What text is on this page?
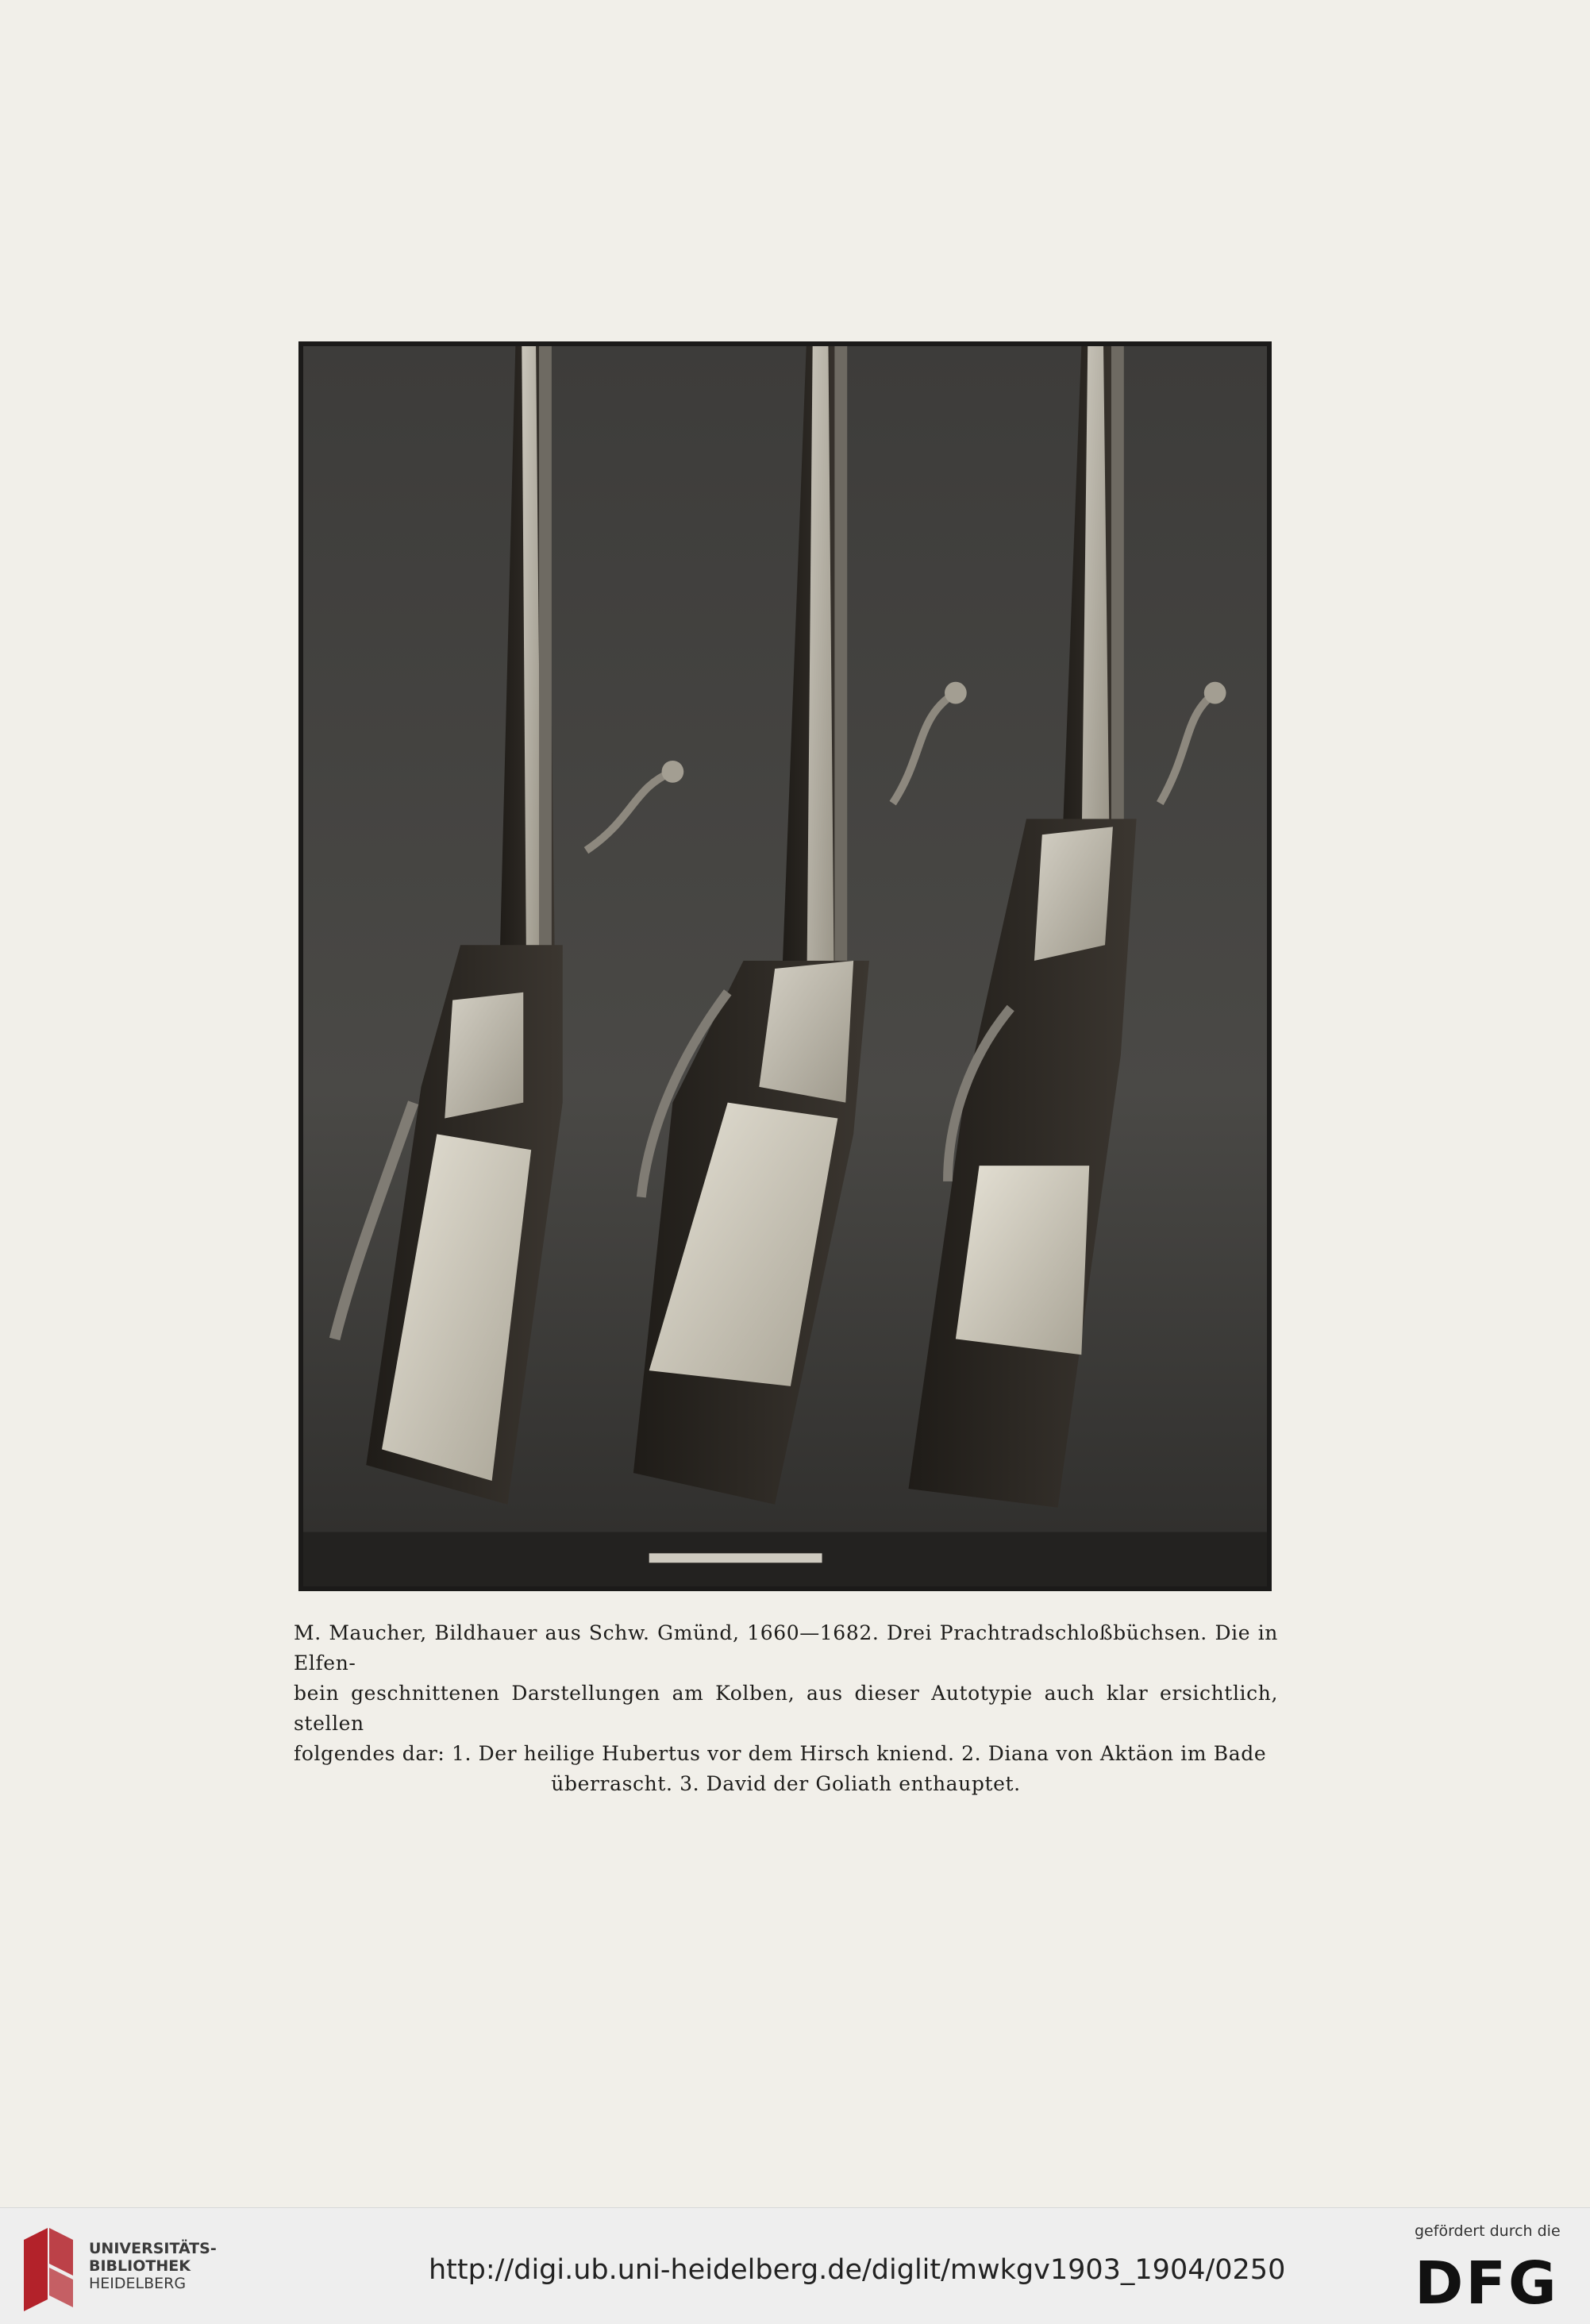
M. Maucher, Bildhauer aus Schw. Gmünd, 1660—1682. Drei Prachtradschloßbüchsen. Die in Elfen-

bein geschnittenen Darstellungen am Kolben, aus dieser Autotypie auch klar ersichtlich, stellen

folgendes dar: 1. Der heilige Hubertus vor dem Hirsch kniend. 2. Diana von Aktäon im Bade

überrascht. 3. David der Goliath enthauptet.

UNIVERSITÄTS-
BIBLIOTHEK
HEIDELBERG	http://digi.ub.uni-heidelberg.de/diglit/mwkgv1903_1904/0250
gefördert durch die
DFG
